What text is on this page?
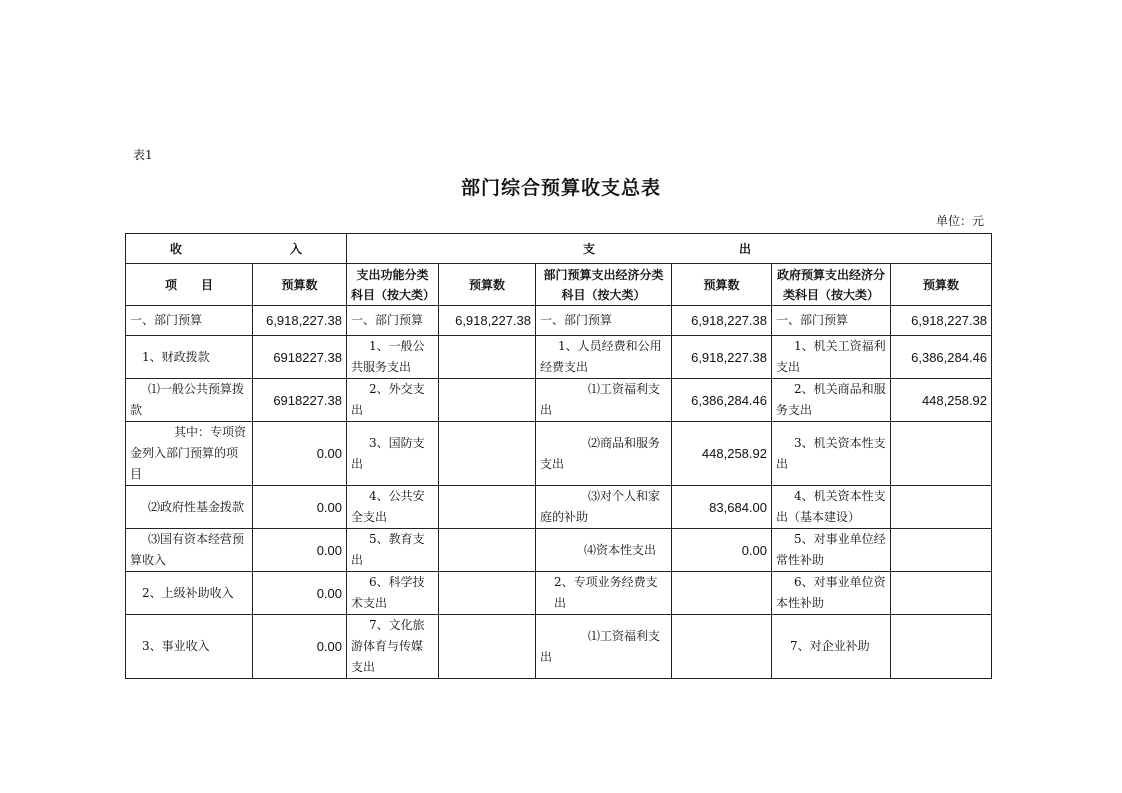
表1
部门综合预算收支总表
单位：元
收 入		支 出					

项　　目	预算数	支出功能分类科目（按大类）	预算数	部门预算支出经济分类科目（按大类）	预算数	政府预算支出经济分类科目（按大类）	预算数
一、部门预算	6,918,227.38	一、部门预算	6,918,227.38	一、部门预算	6,918,227.38	一、部门预算	6,918,227.38
1、财政拨款	6918227.38	1、一般公共服务支出		1、人员经费和公用经费支出	6,918,227.38	1、机关工资福利支出	6,386,284.46
⑴一般公共预算拨款	6918227.38	2、外交支出		⑴工资福利支出	6,386,284.46	2、机关商品和服务支出	448,258.92
其中：专项资金列入部门预算的项目	0.00	3、国防支出		⑵商品和服务支出	448,258.92	3、机关资本性支出	
⑵政府性基金拨款	0.00	4、公共安全支出		⑶对个人和家庭的补助	83,684.00	4、机关资本性支出（基本建设）	
⑶国有资本经营预算收入	0.00	5、教育支出		⑷资本性支出	0.00	5、对事业单位经常性补助	
2、上级补助收入	0.00	6、科学技术支出		2、专项业务经费支出		6、对事业单位资本性补助	
3、事业收入	0.00	7、文化旅游体育与传媒支出		⑴工资福利支出		7、对企业补助	
